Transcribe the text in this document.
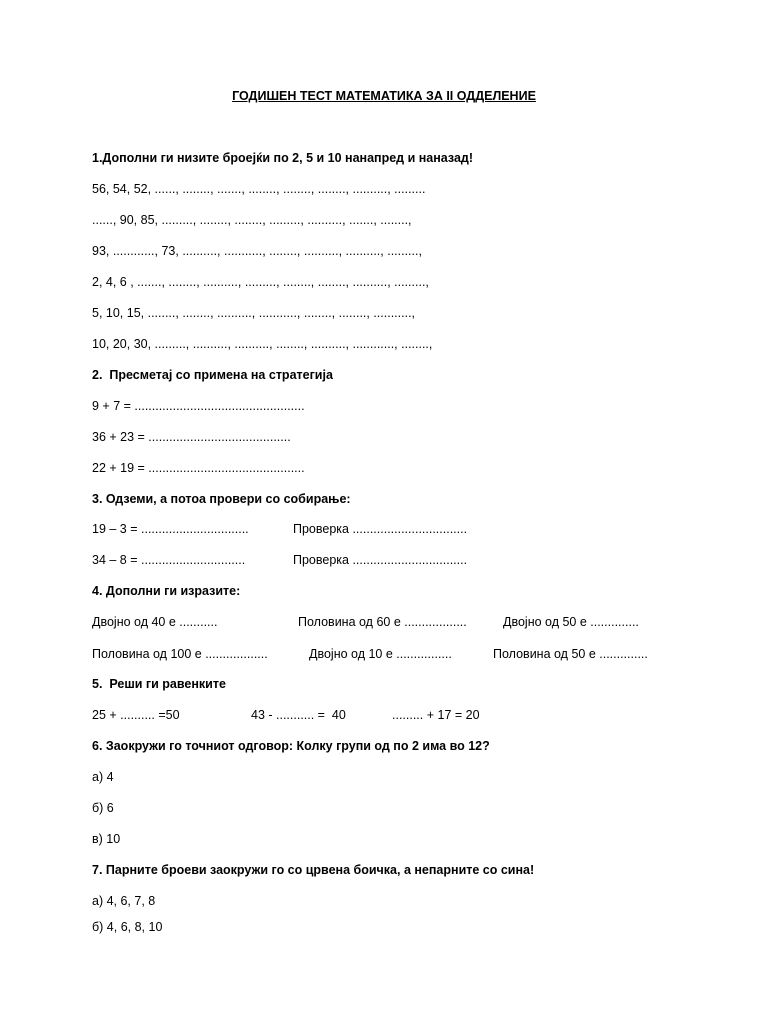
ГОДИШЕН ТЕСТ МАТЕМАТИКА ЗА II ОДДЕЛЕНИЕ
1.Дополни ги низите броејќи по 2, 5 и 10 нанапред и наназад!
56, 54, 52, ......, ........, ......., ........, ........, ........, .........., .........
......, 90, 85, ........., ........, ........, ........., .........., ......., ........,
93, ............, 73, .........., ..........., ........, .........., .........., .........,
2, 4, 6 , ......., ........, .........., ........., ........, ........, .........., .........,
5, 10, 15, ........, ........, .........., ..........., ........, ........, ...........,
10, 20, 30, ........., .........., .........., ........, .........., ............, ........,
2.  Пресметај со примена на стратегија
9 + 7 = .................................................
36 + 23 = .........................................
22 + 19 = .............................................
3. Одземи, а потоа провери со собирање:
19 – 3 = ...............................	Проверка .................................
34 – 8 = ..............................	Проверка .................................
4. Дополни ги изразите:
Двојно од 40 е ...........	Половина од 60 е ..................	Двојно од 50 е ..............
Половина од 100 е ..................	Двојно од 10 е ................	Половина од 50 е ..............
5.  Реши ги равенките
25 + .......... =50	43 - ........... =  40	......... + 17 = 20
6. Заокружи го точниот одговор: Колку групи од по 2 има во 12?
а) 4
б) 6
в) 10
7. Парните броеви заокружи го со црвена боичка, а непарните со сина!
а) 4, 6, 7, 8
б) 4, 6, 8, 10
